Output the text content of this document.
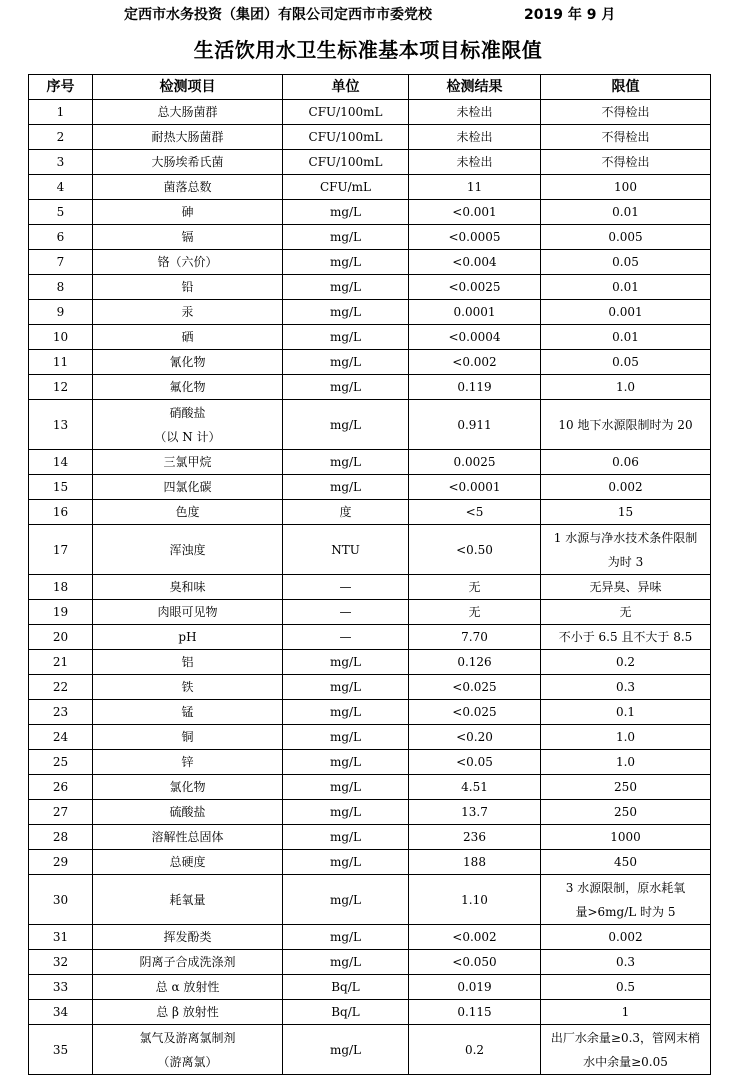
定西市水务投资（集团）有限公司定西市市委党校	2019 年 9 月
生活饮用水卫生标准基本项目标准限值
序号	检测项目	单位	检测结果	限值
1	总大肠菌群	CFU/100mL	未检出	不得检出

2	耐热大肠菌群	CFU/100mL	未检出	不得检出

3	大肠埃希氏菌	CFU/100mL	未检出	不得检出

4	菌落总数	CFU/mL	11	100

5	砷	mg/L	<0.001	0.01

6	镉	mg/L	<0.0005	0.005

7	铬（六价）	mg/L	<0.004	0.05

8	铅	mg/L	<0.0025	0.01

9	汞	mg/L	0.0001	0.001

10	硒	mg/L	<0.0004	0.01

11	氰化物	mg/L	<0.002	0.05

12	氟化物	mg/L	0.119	1.0

13	硝酸盐
（以 N 计）	mg/L	0.911	10 地下水源限制时为 20

14	三氯甲烷	mg/L	0.0025	0.06

15	四氯化碳	mg/L	<0.0001	0.002

16	色度	度	<5	15

17	浑浊度	NTU	<0.50	1 水源与净水技术条件限制
为时 3

18	臭和味	—	无	无异臭、异味

19	肉眼可见物	—	无	无

20	pH	—	7.70	不小于 6.5 且不大于 8.5

21	铝	mg/L	0.126	0.2

22	铁	mg/L	<0.025	0.3

23	锰	mg/L	<0.025	0.1

24	铜	mg/L	<0.20	1.0

25	锌	mg/L	<0.05	1.0

26	氯化物	mg/L	4.51	250

27	硫酸盐	mg/L	13.7	250

28	溶解性总固体	mg/L	236	1000

29	总硬度	mg/L	188	450

30	耗氧量	mg/L	1.10	3 水源限制，原水耗氧
量>6mg/L 时为 5

31	挥发酚类	mg/L	<0.002	0.002

32	阴离子合成洗涤剂	mg/L	<0.050	0.3

33	总 α 放射性	Bq/L	0.019	0.5

34	总 β 放射性	Bq/L	0.115	1

35	氯气及游离氯制剂
（游离氯）	mg/L	0.2	出厂水余量≥0.3，管网末梢
水中余量≥0.05
